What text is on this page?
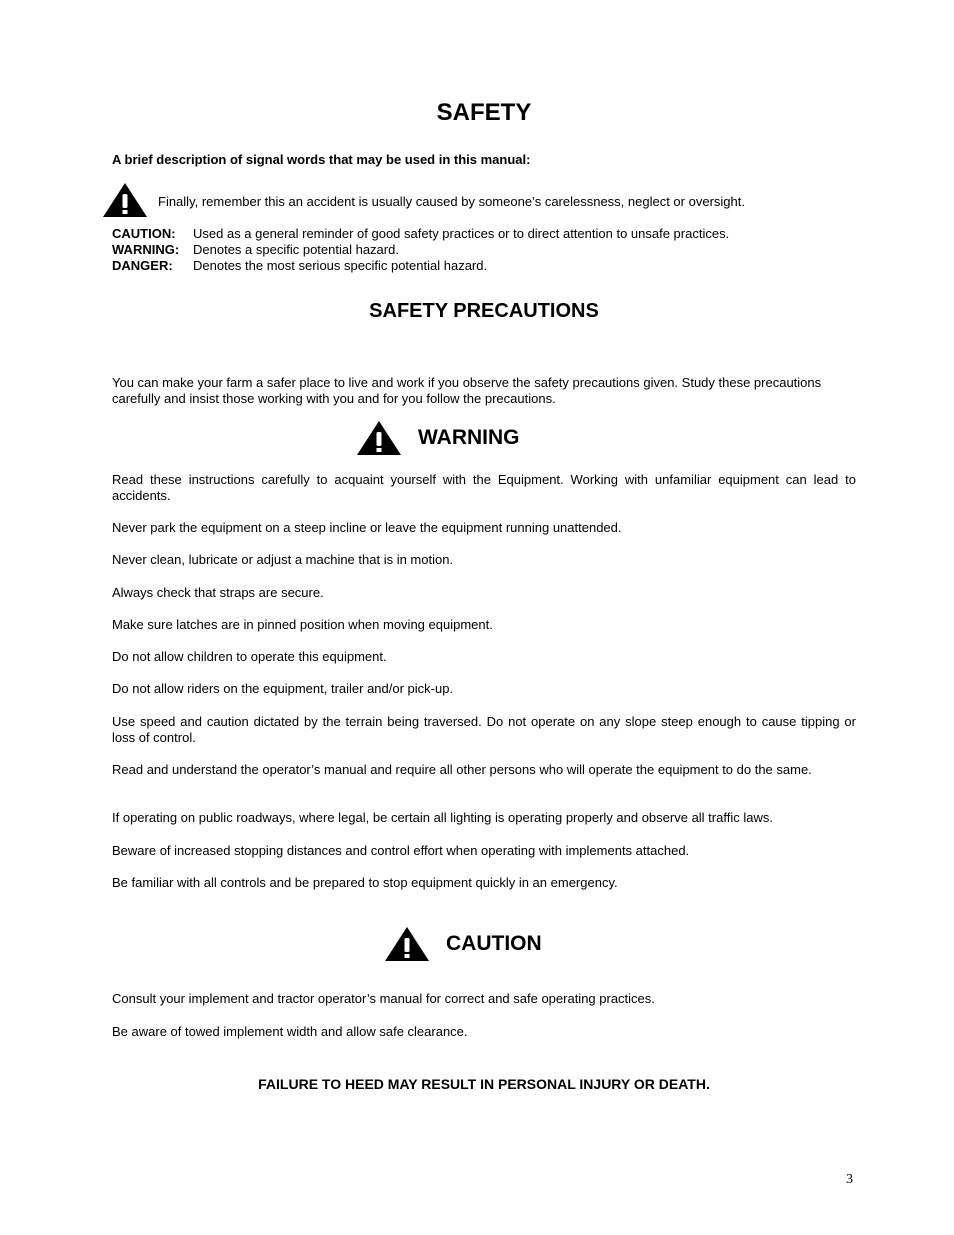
SAFETY
A brief description of signal words that may be used in this manual:
Finally, remember this an accident is usually caused by someone’s carelessness, neglect or oversight.
CAUTION:	Used as a general reminder of good safety practices or to direct attention to unsafe practices.
WARNING:	Denotes a specific potential hazard.
DANGER:	Denotes the most serious specific potential hazard.
SAFETY PRECAUTIONS
You can make your farm a safer place to live and work if you observe the safety precautions given. Study these precautions carefully and insist those working with you and for you follow the precautions.
WARNING
Read these instructions carefully to acquaint yourself with the Equipment. Working with unfamiliar equipment can lead to accidents.
Never park the equipment on a steep incline or leave the equipment running unattended.
Never clean, lubricate or adjust a machine that is in motion.
Always check that straps are secure.
Make sure latches are in pinned position when moving equipment.
Do not allow children to operate this equipment.
Do not allow riders on the equipment, trailer and/or pick-up.
Use speed and caution dictated by the terrain being traversed. Do not operate on any slope steep enough to cause tipping or loss of control.
Read and understand the operator’s manual and require all other persons who will operate the equipment to do the same.
If operating on public roadways, where legal, be certain all lighting is operating properly and observe all traffic laws.
Beware of increased stopping distances and control effort when operating with implements attached.
Be familiar with all controls and be prepared to stop equipment quickly in an emergency.
CAUTION
Consult your implement and tractor operator’s manual for correct and safe operating practices.
Be aware of towed implement width and allow safe clearance.
FAILURE TO HEED MAY RESULT IN PERSONAL INJURY OR DEATH.
3
